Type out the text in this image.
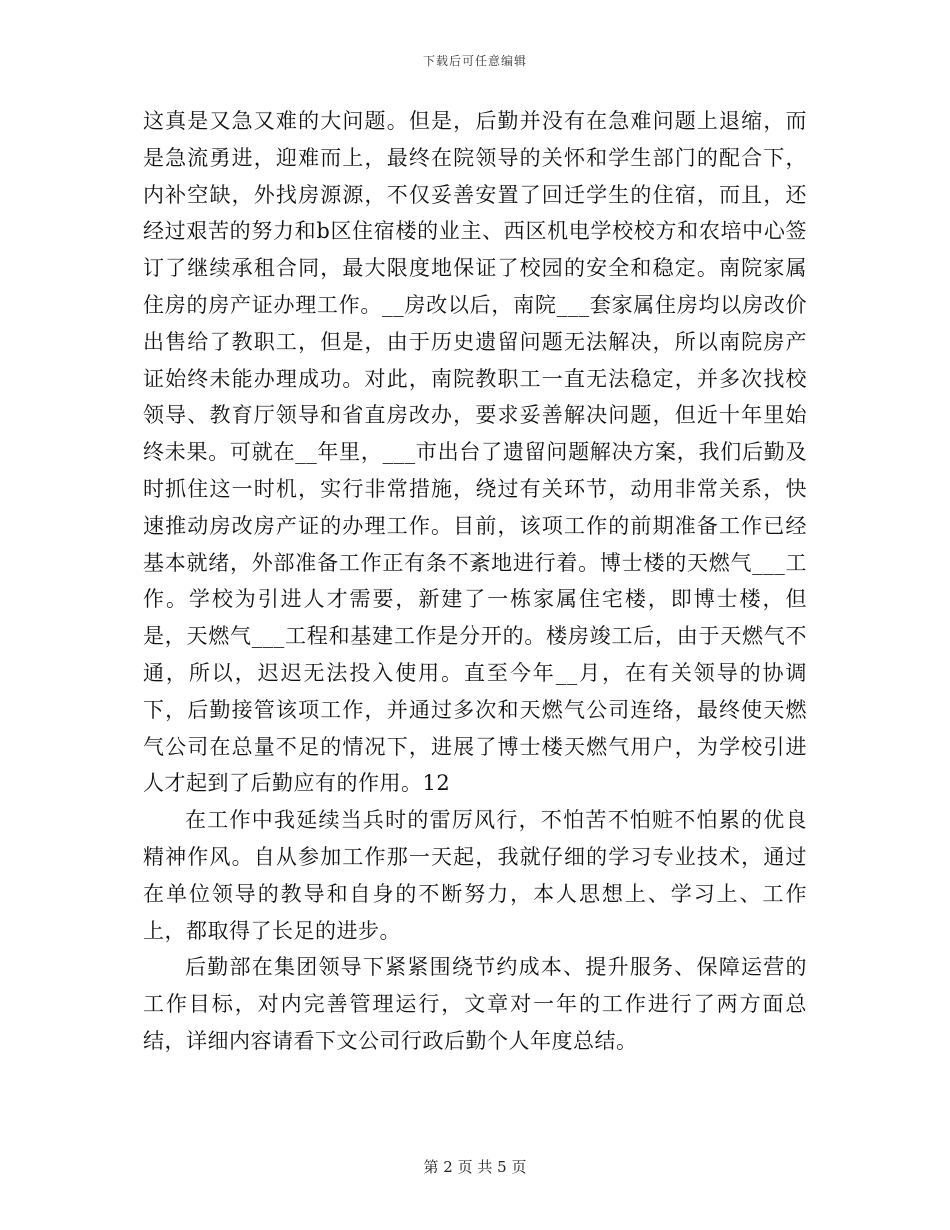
下载后可任意编辑

这真是又急又难的大问题。但是，后勤并没有在急难问题上退缩，而是急流勇进，迎难而上，最终在院领导的关怀和学生部门的配合下，内补空缺，外找房源源，不仅妥善安置了回迁学生的住宿，而且，还经过艰苦的努力和b区住宿楼的业主、西区机电学校校方和农培中心签订了继续承租合同，最大限度地保证了校园的安全和稳定。南院家属住房的房产证办理工作。__房改以后，南院___套家属住房均以房改价出售给了教职工，但是，由于历史遗留问题无法解决，所以南院房产证始终未能办理成功。对此，南院教职工一直无法稳定，并多次找校领导、教育厅领导和省直房改办，要求妥善解决问题，但近十年里始终未果。可就在__年里，___市出台了遗留问题解决方案，我们后勤及时抓住这一时机，实行非常措施，绕过有关环节，动用非常关系，快速推动房改房产证的办理工作。目前，该项工作的前期准备工作已经基本就绪，外部准备工作正有条不紊地进行着。博士楼的天燃气___工作。学校为引进人才需要，新建了一栋家属住宅楼，即博士楼，但是，天燃气___工程和基建工作是分开的。楼房竣工后，由于天燃气不通，所以，迟迟无法投入使用。直至今年__月，在有关领导的协调下，后勤接管该项工作，并通过多次和天燃气公司连络，最终使天燃气公司在总量不足的情况下，进展了博士楼天燃气用户，为学校引进人才起到了后勤应有的作用。12

在工作中我延续当兵时的雷厉风行，不怕苦不怕赃不怕累的优良精神作风。自从参加工作那一天起，我就仔细的学习专业技术，通过在单位领导的教导和自身的不断努力，本人思想上、学习上、工作上，都取得了长足的进步。

后勤部在集团领导下紧紧围绕节约成本、提升服务、保障运营的工作目标，对内完善管理运行，文章对一年的工作进行了两方面总结，详细内容请看下文公司行政后勤个人年度总结。

第 2 页 共 5 页
